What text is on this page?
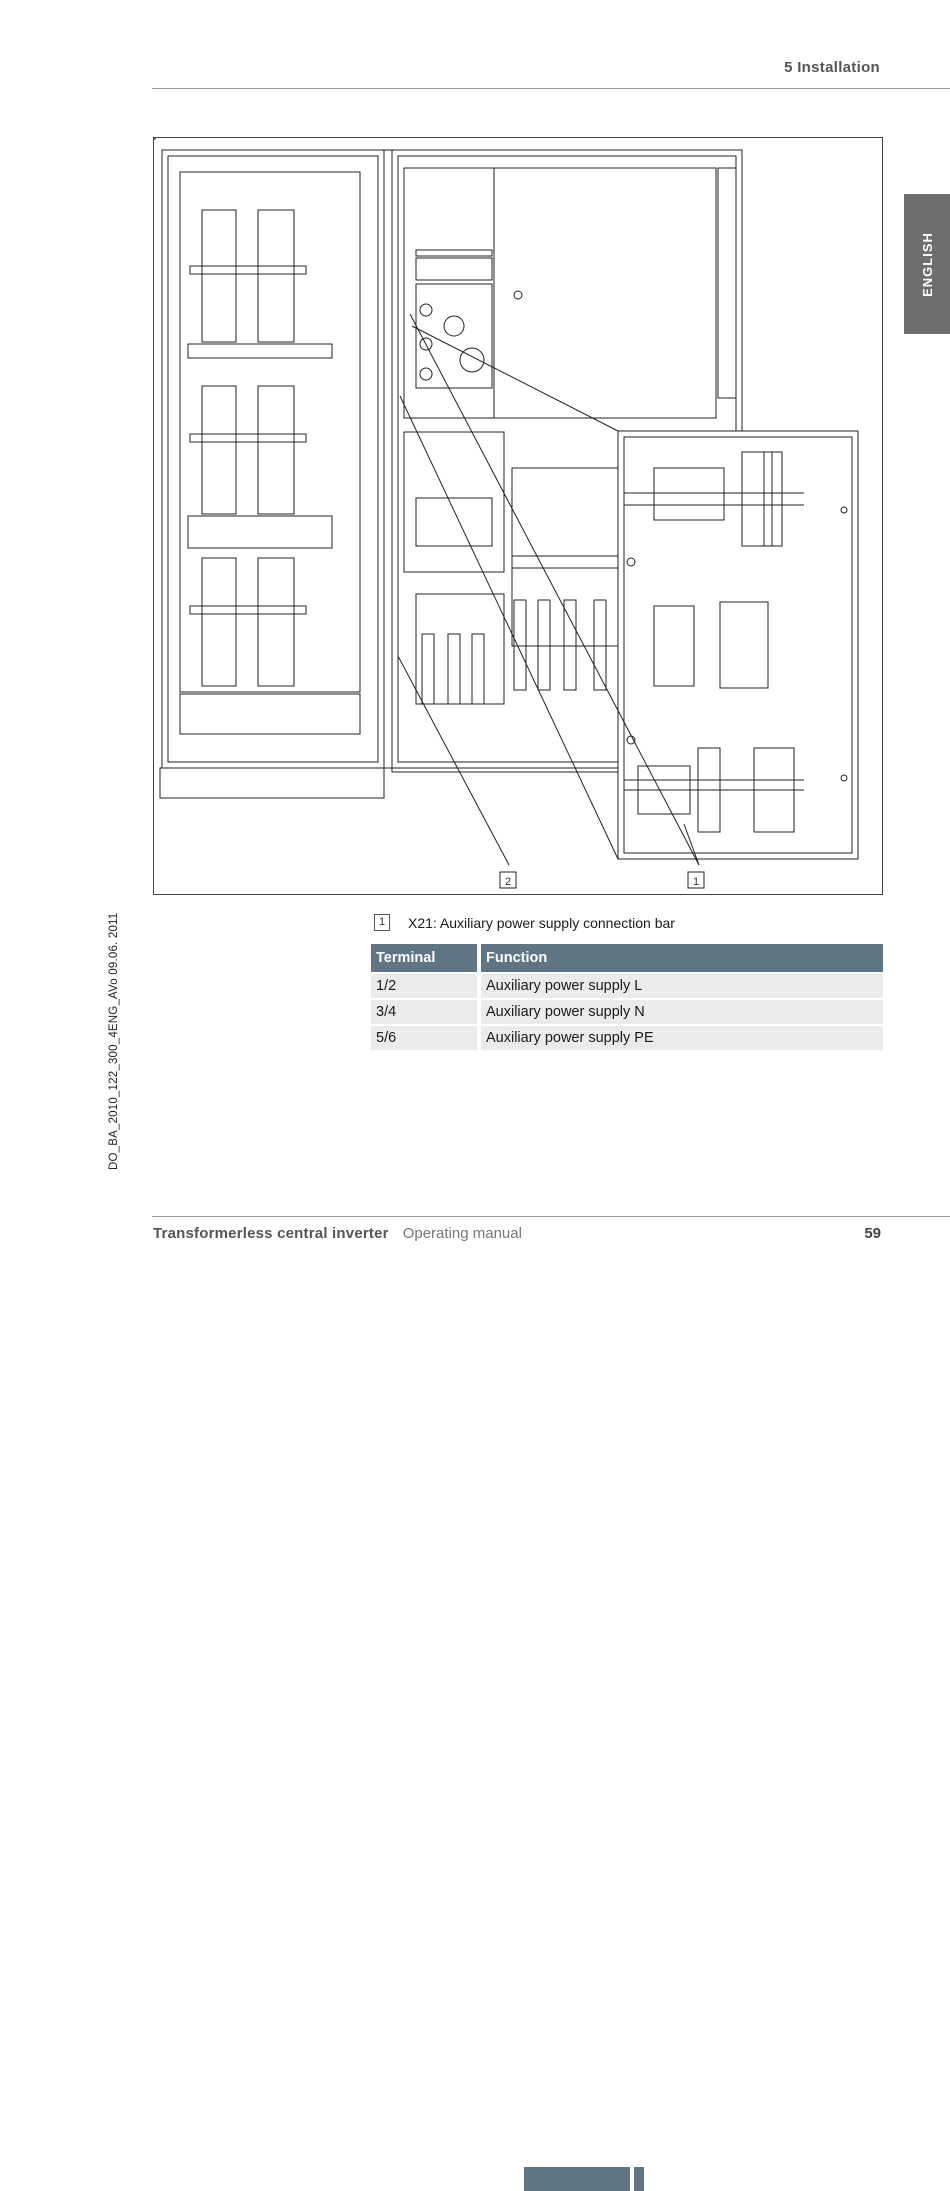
5 Installation
ENGLISH
2	1
DO_BA_2010_122_300_4ENG_AVo 09.06. 2011	1	X21: Auxiliary power supply connection bar
Terminal	Function
1/2	Auxiliary power supply L
3/4	Auxiliary power supply N
5/6	Auxiliary power supply PE

Transformerless central inverter Operating manual	59
